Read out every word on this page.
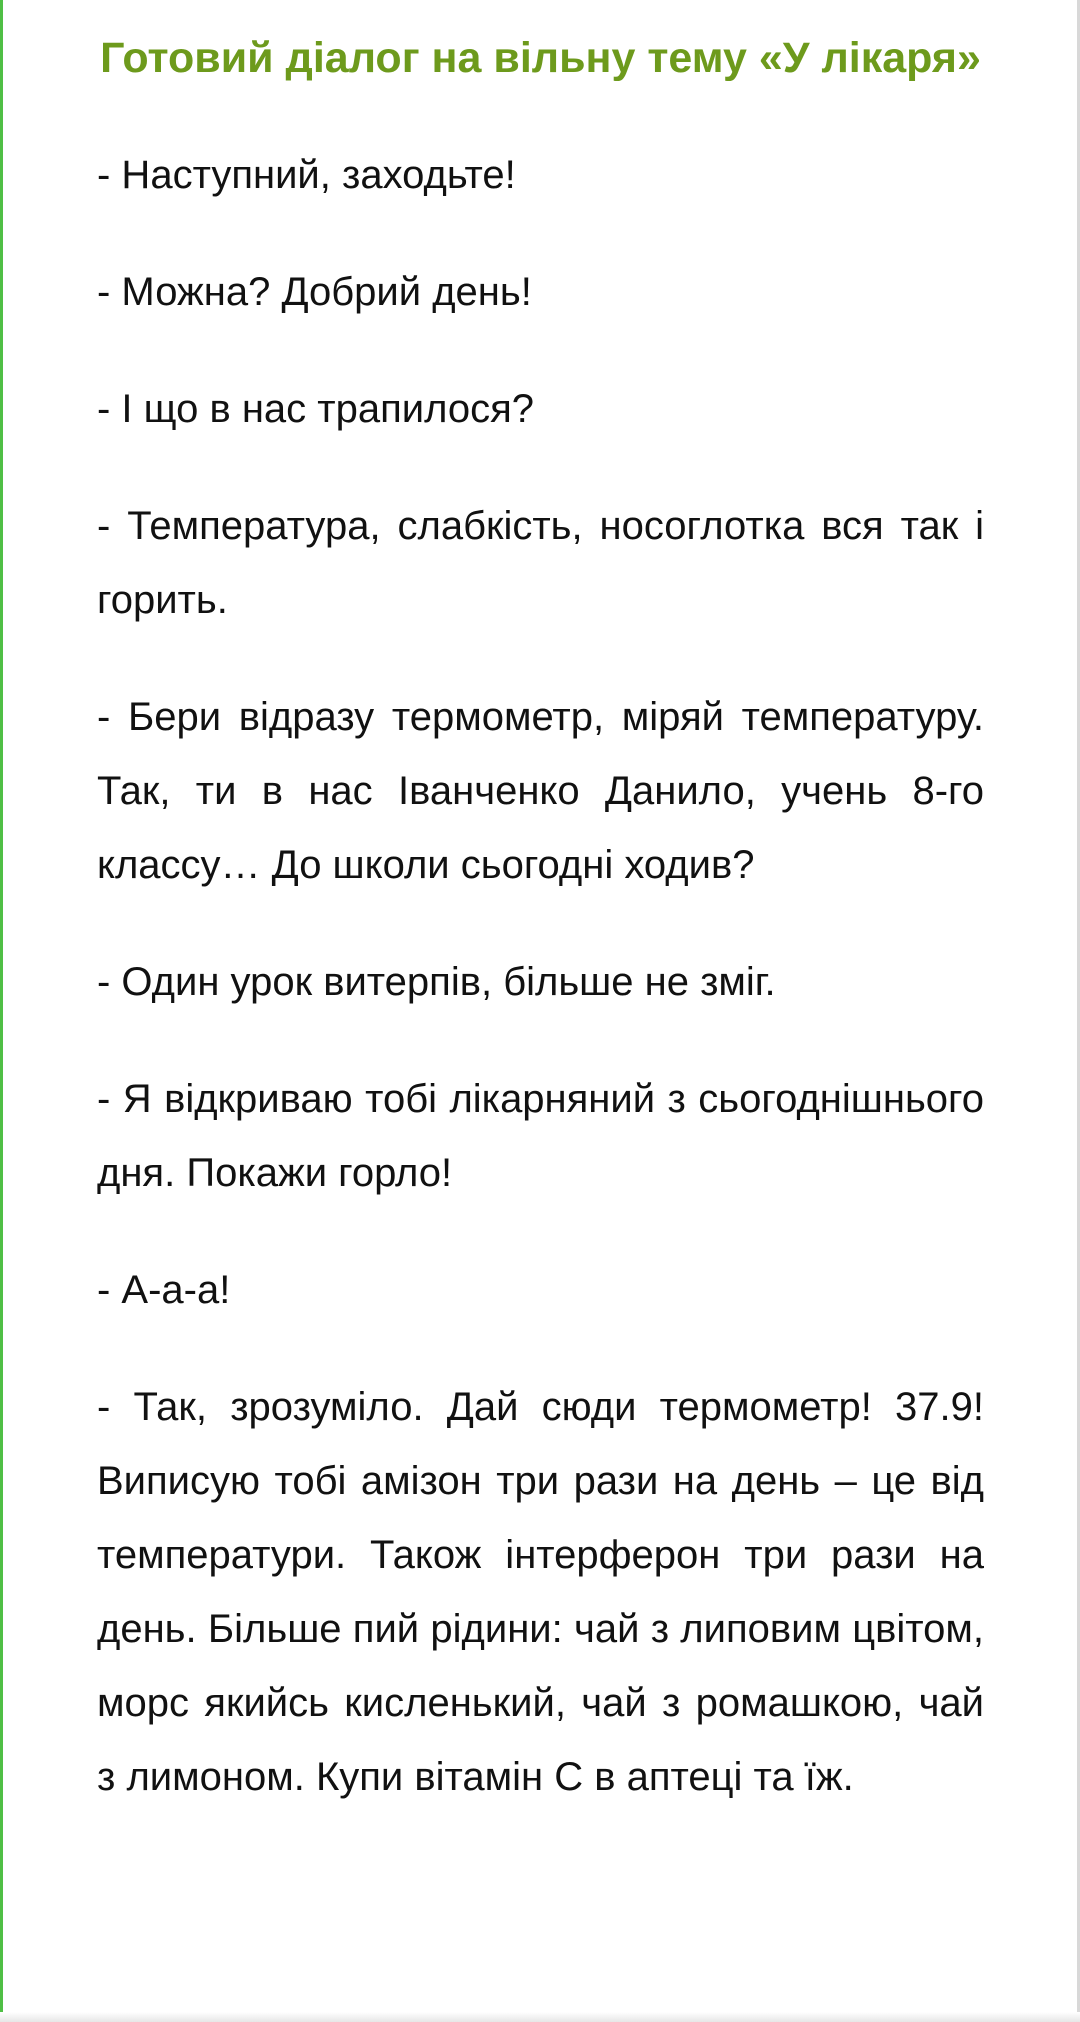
Готовий діалог на вільну тему «У лікаря»

- Наступний, заходьте!

- Можна? Добрий день!

- І що в нас трапилося?

- Температура, слабкість, носоглотка вся так і горить.

- Бери відразу термометр, міряй температуру. Так, ти в нас Іванченко Данило, учень 8-го классу… До школи сьогодні ходив?

- Один урок витерпів, більше не зміг.

- Я відкриваю тобі лікарняний з сьогоднішнього дня. Покажи горло!

- А-а-а!

- Так, зрозуміло. Дай сюди термометр! 37.9! Виписую тобі амізон три рази на день – це від температури. Також інтерферон три рази на день. Більше пий рідини: чай з липовим цвітом, морс якийсь кисленький, чай з ромашкою, чай з лимоном. Купи вітамін С в аптеці та їж.
